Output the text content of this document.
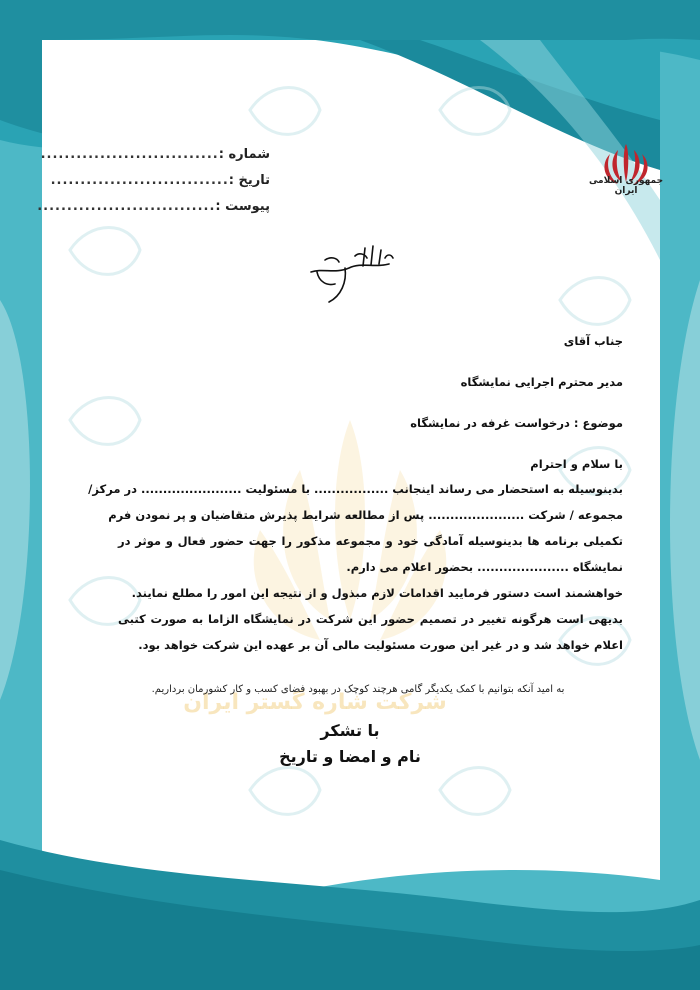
شماره :
..............................
تاریخ :
..............................
پیوست :
..............................
جمهوری اسلامی ایران
شرکت شاره گستر ایران
جناب آقای
مدیر محترم اجرایی نمایشگاه
موضوع : درخواست غرفه در نمایشگاه
با سلام و احترام
بدینوسیله به استحضار می رساند اینجانب ................. با مسئولیت ....................... در مرکز/
مجموعه / شرکت ...................... پس از مطالعه شرایط پذیرش متقاضیان و پر نمودن فرم
تکمیلی برنامه ها بدینوسیله آمادگی خود و مجموعه مذکور را جهت حضور فعال و موثر در
نمایشگاه ..................... بحضور اعلام می دارم.
خواهشمند است دستور فرمایید اقدامات لازم مبذول و از نتیجه این امور را مطلع نمایند.
بدیهی است هرگونه تغییر در تصمیم حضور این شرکت در نمایشگاه الزاما به صورت کتبی
اعلام خواهد شد و در غیر این صورت مسئولیت مالی آن بر عهده این شرکت خواهد بود.
به امید آنکه بتوانیم با کمک یکدیگر گامی هرچند کوچک در بهبود فضای کسب و کار کشورمان برداریم.
با تشکر
نام و امضا و تاریخ
